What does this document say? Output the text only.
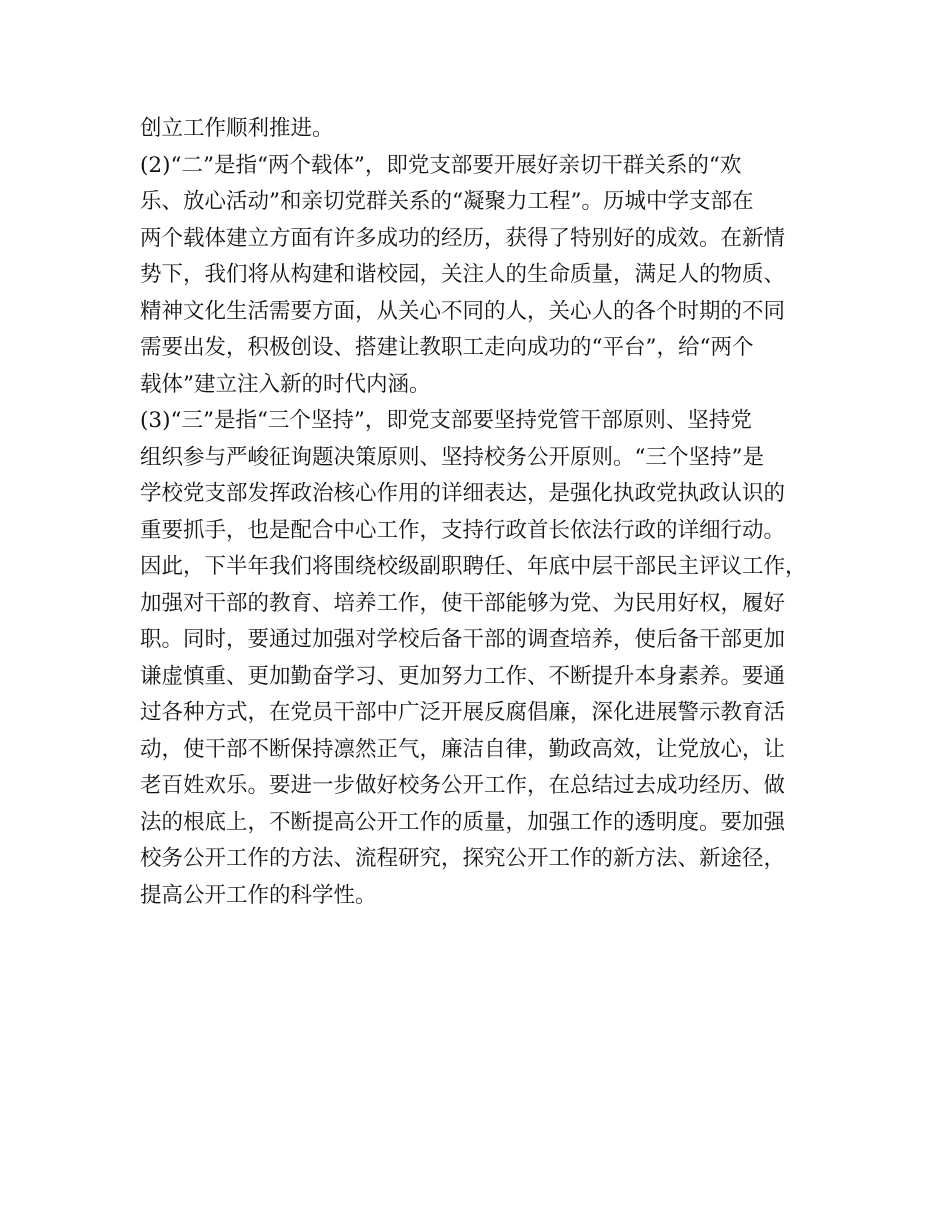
创立工作顺利推进。
(2)“二”是指“两个载体”，即党支部要开展好亲切干群关系的“欢
乐、放心活动”和亲切党群关系的“凝聚力工程”。历城中学支部在
两个载体建立方面有许多成功的经历，获得了特别好的成效。在新情
势下，我们将从构建和谐校园，关注人的生命质量，满足人的物质、
精神文化生活需要方面，从关心不同的人，关心人的各个时期的不同
需要出发，积极创设、搭建让教职工走向成功的“平台”，给“两个
载体”建立注入新的时代内涵。
(3)“三”是指“三个坚持”，即党支部要坚持党管干部原则、坚持党
组织参与严峻征询题决策原则、坚持校务公开原则。“三个坚持”是
学校党支部发挥政治核心作用的详细表达，是强化执政党执政认识的
重要抓手，也是配合中心工作，支持行政首长依法行政的详细行动。
因此，下半年我们将围绕校级副职聘任、年底中层干部民主评议工作，
加强对干部的教育、培养工作，使干部能够为党、为民用好权，履好
职。同时，要通过加强对学校后备干部的调查培养，使后备干部更加
谦虚慎重、更加勤奋学习、更加努力工作、不断提升本身素养。要通
过各种方式，在党员干部中广泛开展反腐倡廉，深化进展警示教育活
动，使干部不断保持凛然正气，廉洁自律，勤政高效，让党放心，让
老百姓欢乐。要进一步做好校务公开工作，在总结过去成功经历、做
法的根底上，不断提高公开工作的质量，加强工作的透明度。要加强
校务公开工作的方法、流程研究，探究公开工作的新方法、新途径，
提高公开工作的科学性。
